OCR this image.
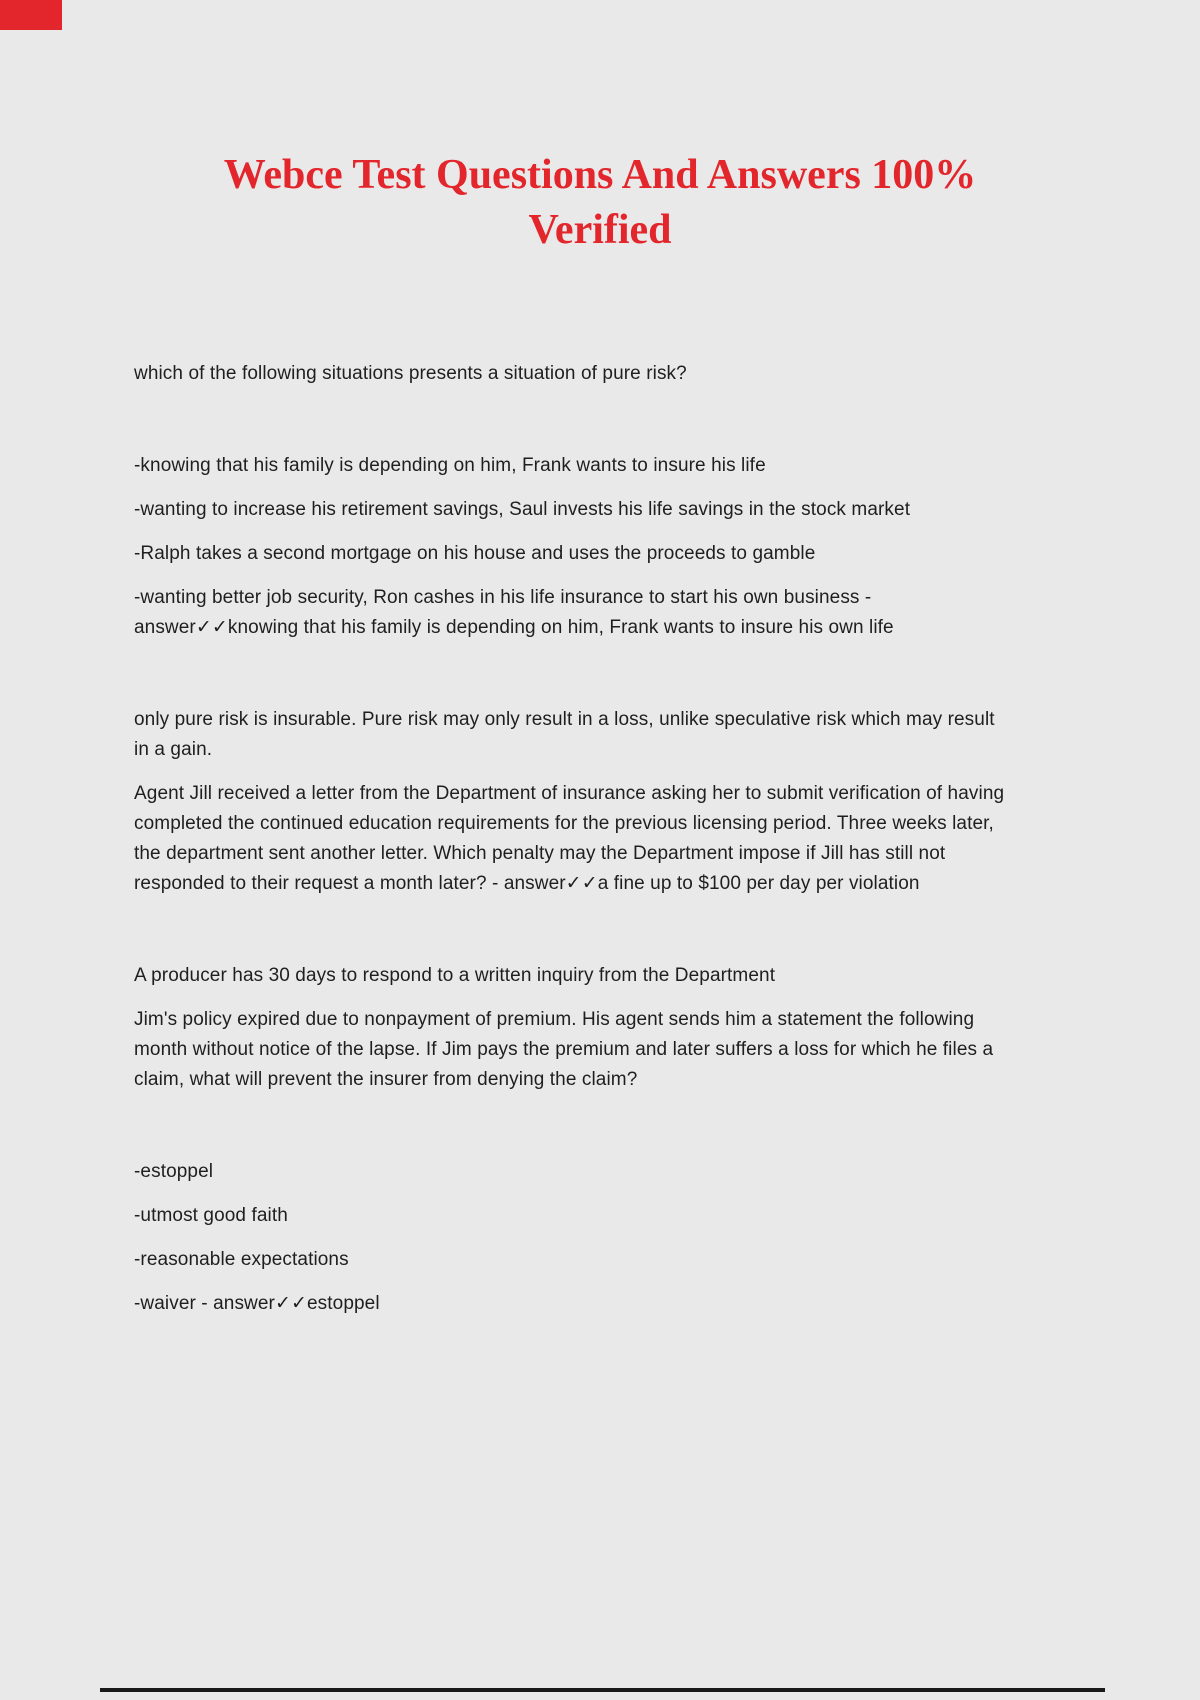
Webce Test Questions And Answers 100% Verified

which of the following situations presents a situation of pure risk?

-knowing that his family is depending on him, Frank wants to insure his life

-wanting to increase his retirement savings, Saul invests his life savings in the stock market

-Ralph takes a second mortgage on his house and uses the proceeds to gamble

-wanting better job security, Ron cashes in his life insurance to start his own business - answer✓✓knowing that his family is depending on him, Frank wants to insure his own life

only pure risk is insurable. Pure risk may only result in a loss, unlike speculative risk which may result in a gain.

Agent Jill received a letter from the Department of insurance asking her to submit verification of having completed the continued education requirements for the previous licensing period. Three weeks later, the department sent another letter. Which penalty may the Department impose if Jill has still not responded to their request a month later? - answer✓✓a fine up to $100 per day per violation

A producer has 30 days to respond to a written inquiry from the Department

Jim's policy expired due to nonpayment of premium. His agent sends him a statement the following month without notice of the lapse. If Jim pays the premium and later suffers a loss for which he files a claim, what will prevent the insurer from denying the claim?

-estoppel

-utmost good faith

-reasonable expectations

-waiver - answer✓✓estoppel
